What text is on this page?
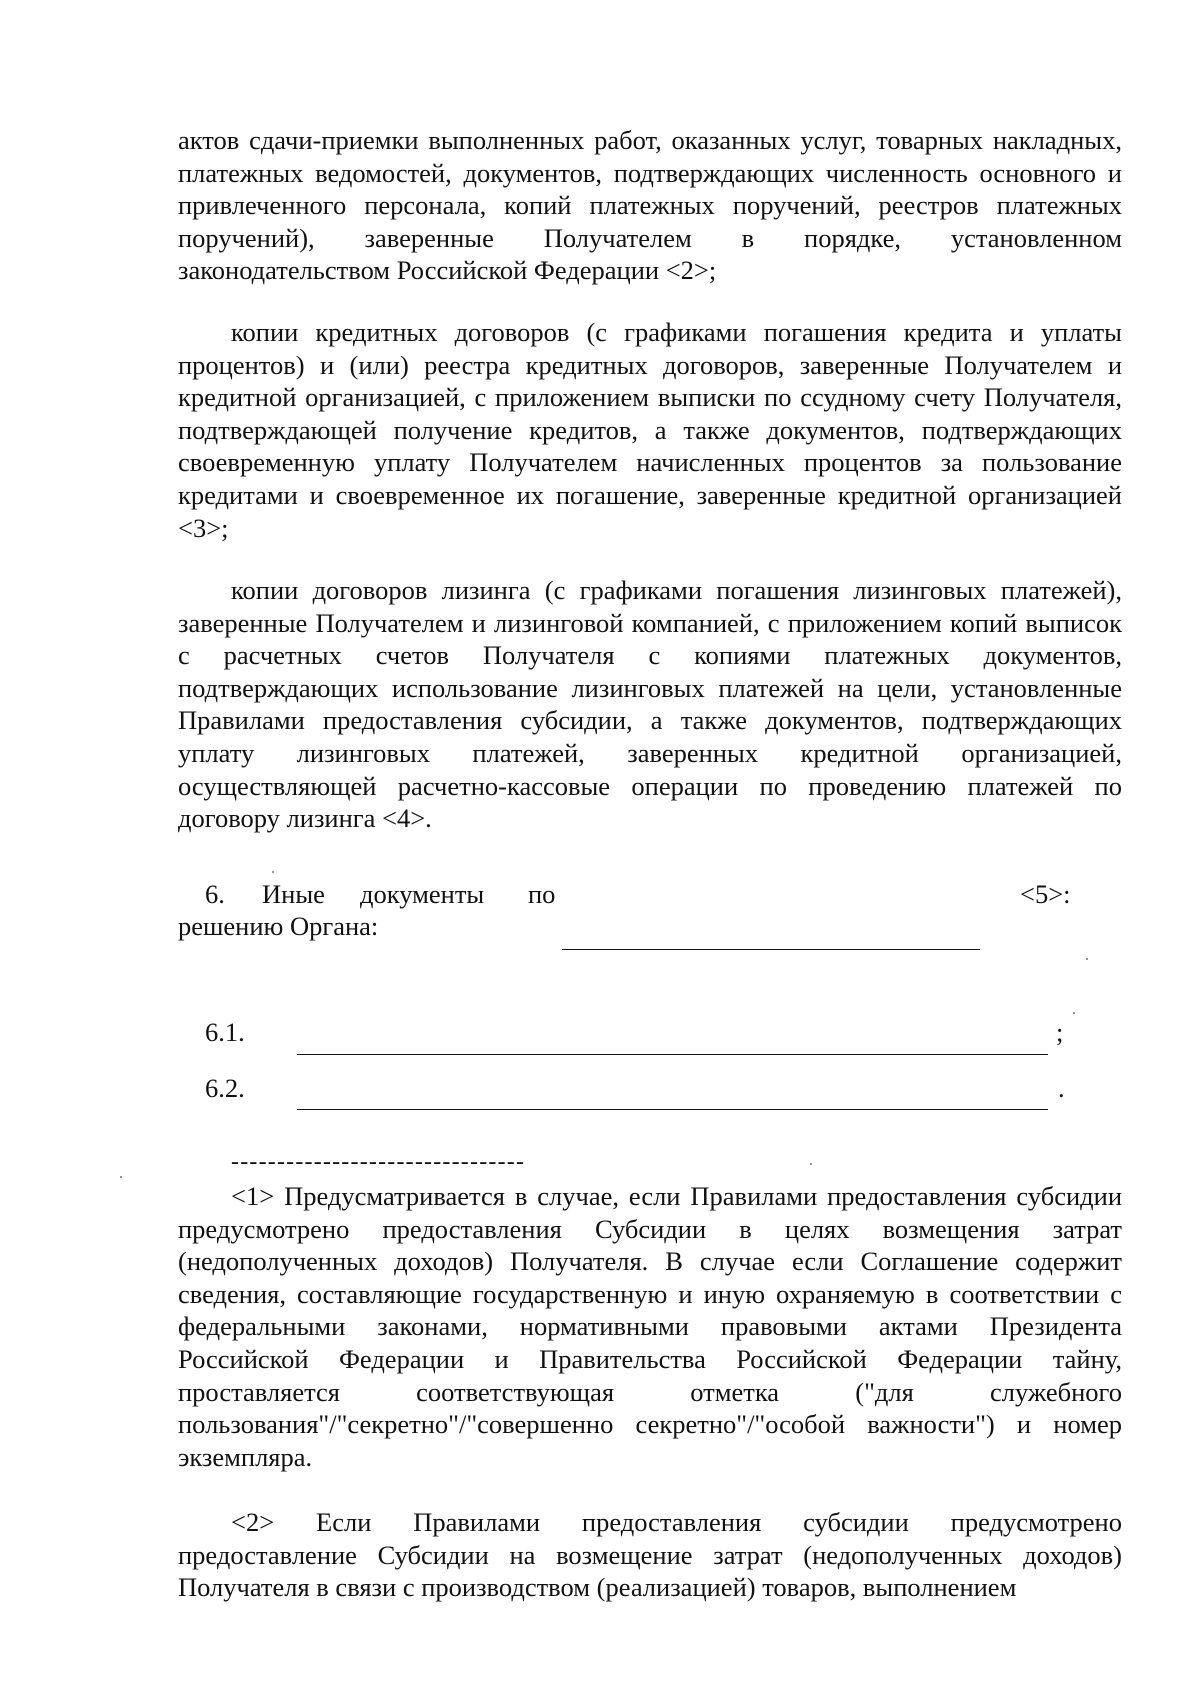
актов сдачи-приемки выполненных работ, оказанных услуг, товарных накладных, платежных ведомостей, документов, подтверждающих численность основного и привлеченного персонала, копий платежных поручений, реестров платежных поручений), заверенные Получателем в порядке, установленном законодательством Российской Федерации <2>;

копии кредитных договоров (с графиками погашения кредита и уплаты процентов) и (или) реестра кредитных договоров, заверенные Получателем и кредитной организацией, с приложением выписки по ссудному счету Получателя, подтверждающей получение кредитов, а также документов, подтверждающих своевременную уплату Получателем начисленных процентов за пользование кредитами и своевременное их погашение, заверенные кредитной организацией <3>;

копии договоров лизинга (с графиками погашения лизинговых платежей), заверенные Получателем и лизинговой компанией, с приложением копий выписок с расчетных счетов Получателя с копиями платежных документов, подтверждающих использование лизинговых платежей на цели, установленные Правилами предоставления субсидии, а также документов, подтверждающих уплату лизинговых платежей, заверенных кредитной организацией, осуществляющей расчетно-кассовые операции по проведению платежей по договору лизинга <4>.

6. Иные документы по	<5>:
решению Органа:
6.1.	;
6.2.	.
--------------------------------

<1> Предусматривается в случае, если Правилами предоставления субсидии предусмотрено предоставления Субсидии в целях возмещения затрат (недополученных доходов) Получателя. В случае если Соглашение содержит сведения, составляющие государственную и иную охраняемую в соответствии с федеральными законами, нормативными правовыми актами Президента Российской Федерации и Правительства Российской Федерации тайну, проставляется соответствующая отметка ("для служебного пользования"/"секретно"/"совершенно секретно"/"особой важности") и номер экземпляра.

<2> Если Правилами предоставления субсидии предусмотрено предоставление Субсидии на возмещение затрат (недополученных доходов) Получателя в связи с производством (реализацией) товаров, выполнением
